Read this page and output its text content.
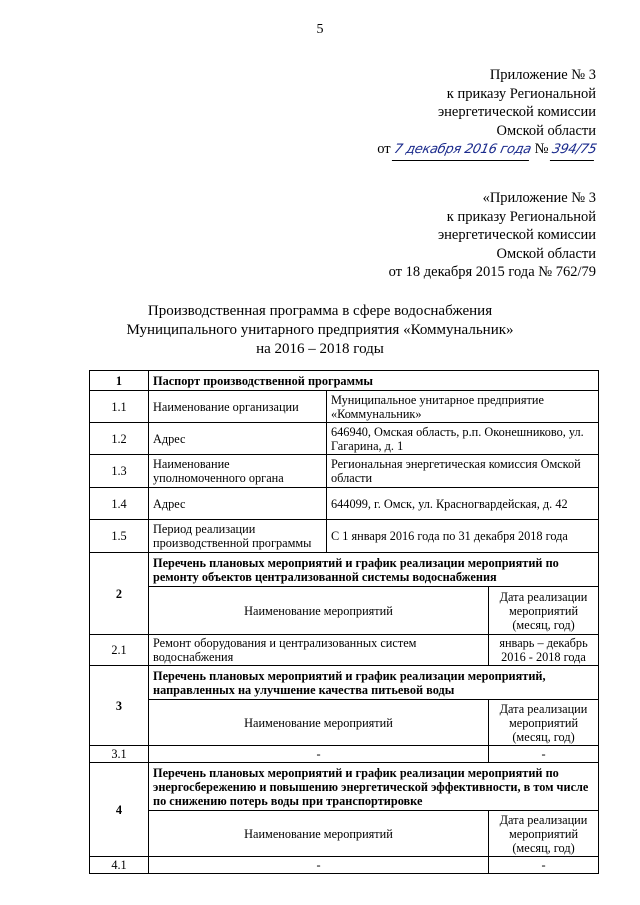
5
Приложение № 3
к приказу Региональной
энергетической комиссии
Омской области
от 7 декабря 2016 года № 394/75
«Приложение № 3
к приказу Региональной
энергетической комиссии
Омской области
от 18 декабря 2015 года № 762/79
Производственная программа в сфере водоснабжения
Муниципального унитарного предприятия «Коммунальник»
на 2016 – 2018 годы
1	Паспорт производственной программы		
1.1	Наименование организации	Муниципальное унитарное предприятие «Коммунальник»	
1.2	Адрес	646940, Омская область, р.п. Оконешниково, ул. Гагарина, д. 1	
1.3	Наименование уполномоченного органа	Региональная энергетическая комиссия Омской области	
1.4	Адрес	644099, г. Омск, ул. Красногвардейская, д. 42	
1.5	Период реализации производственной программы	С 1 января 2016 года по 31 декабря 2018 года	
2	Перечень плановых мероприятий и график реализации мероприятий по ремонту объектов централизованной системы водоснабжения		
	Наименование мероприятий		Дата реализации мероприятий (месяц, год)
2.1	Ремонт оборудования и централизованных систем водоснабжения		январь – декабрь 2016 - 2018 года
3	Перечень плановых мероприятий и график реализации мероприятий, направленных на улучшение качества питьевой воды		
	Наименование мероприятий		Дата реализации мероприятий (месяц, год)
3.1	-		-
4	Перечень плановых мероприятий и график реализации мероприятий по энергосбережению и повышению энергетической эффективности, в том числе по снижению потерь воды при транспортировке		
	Наименование мероприятий		Дата реализации мероприятий (месяц, год)
4.1	-		-
